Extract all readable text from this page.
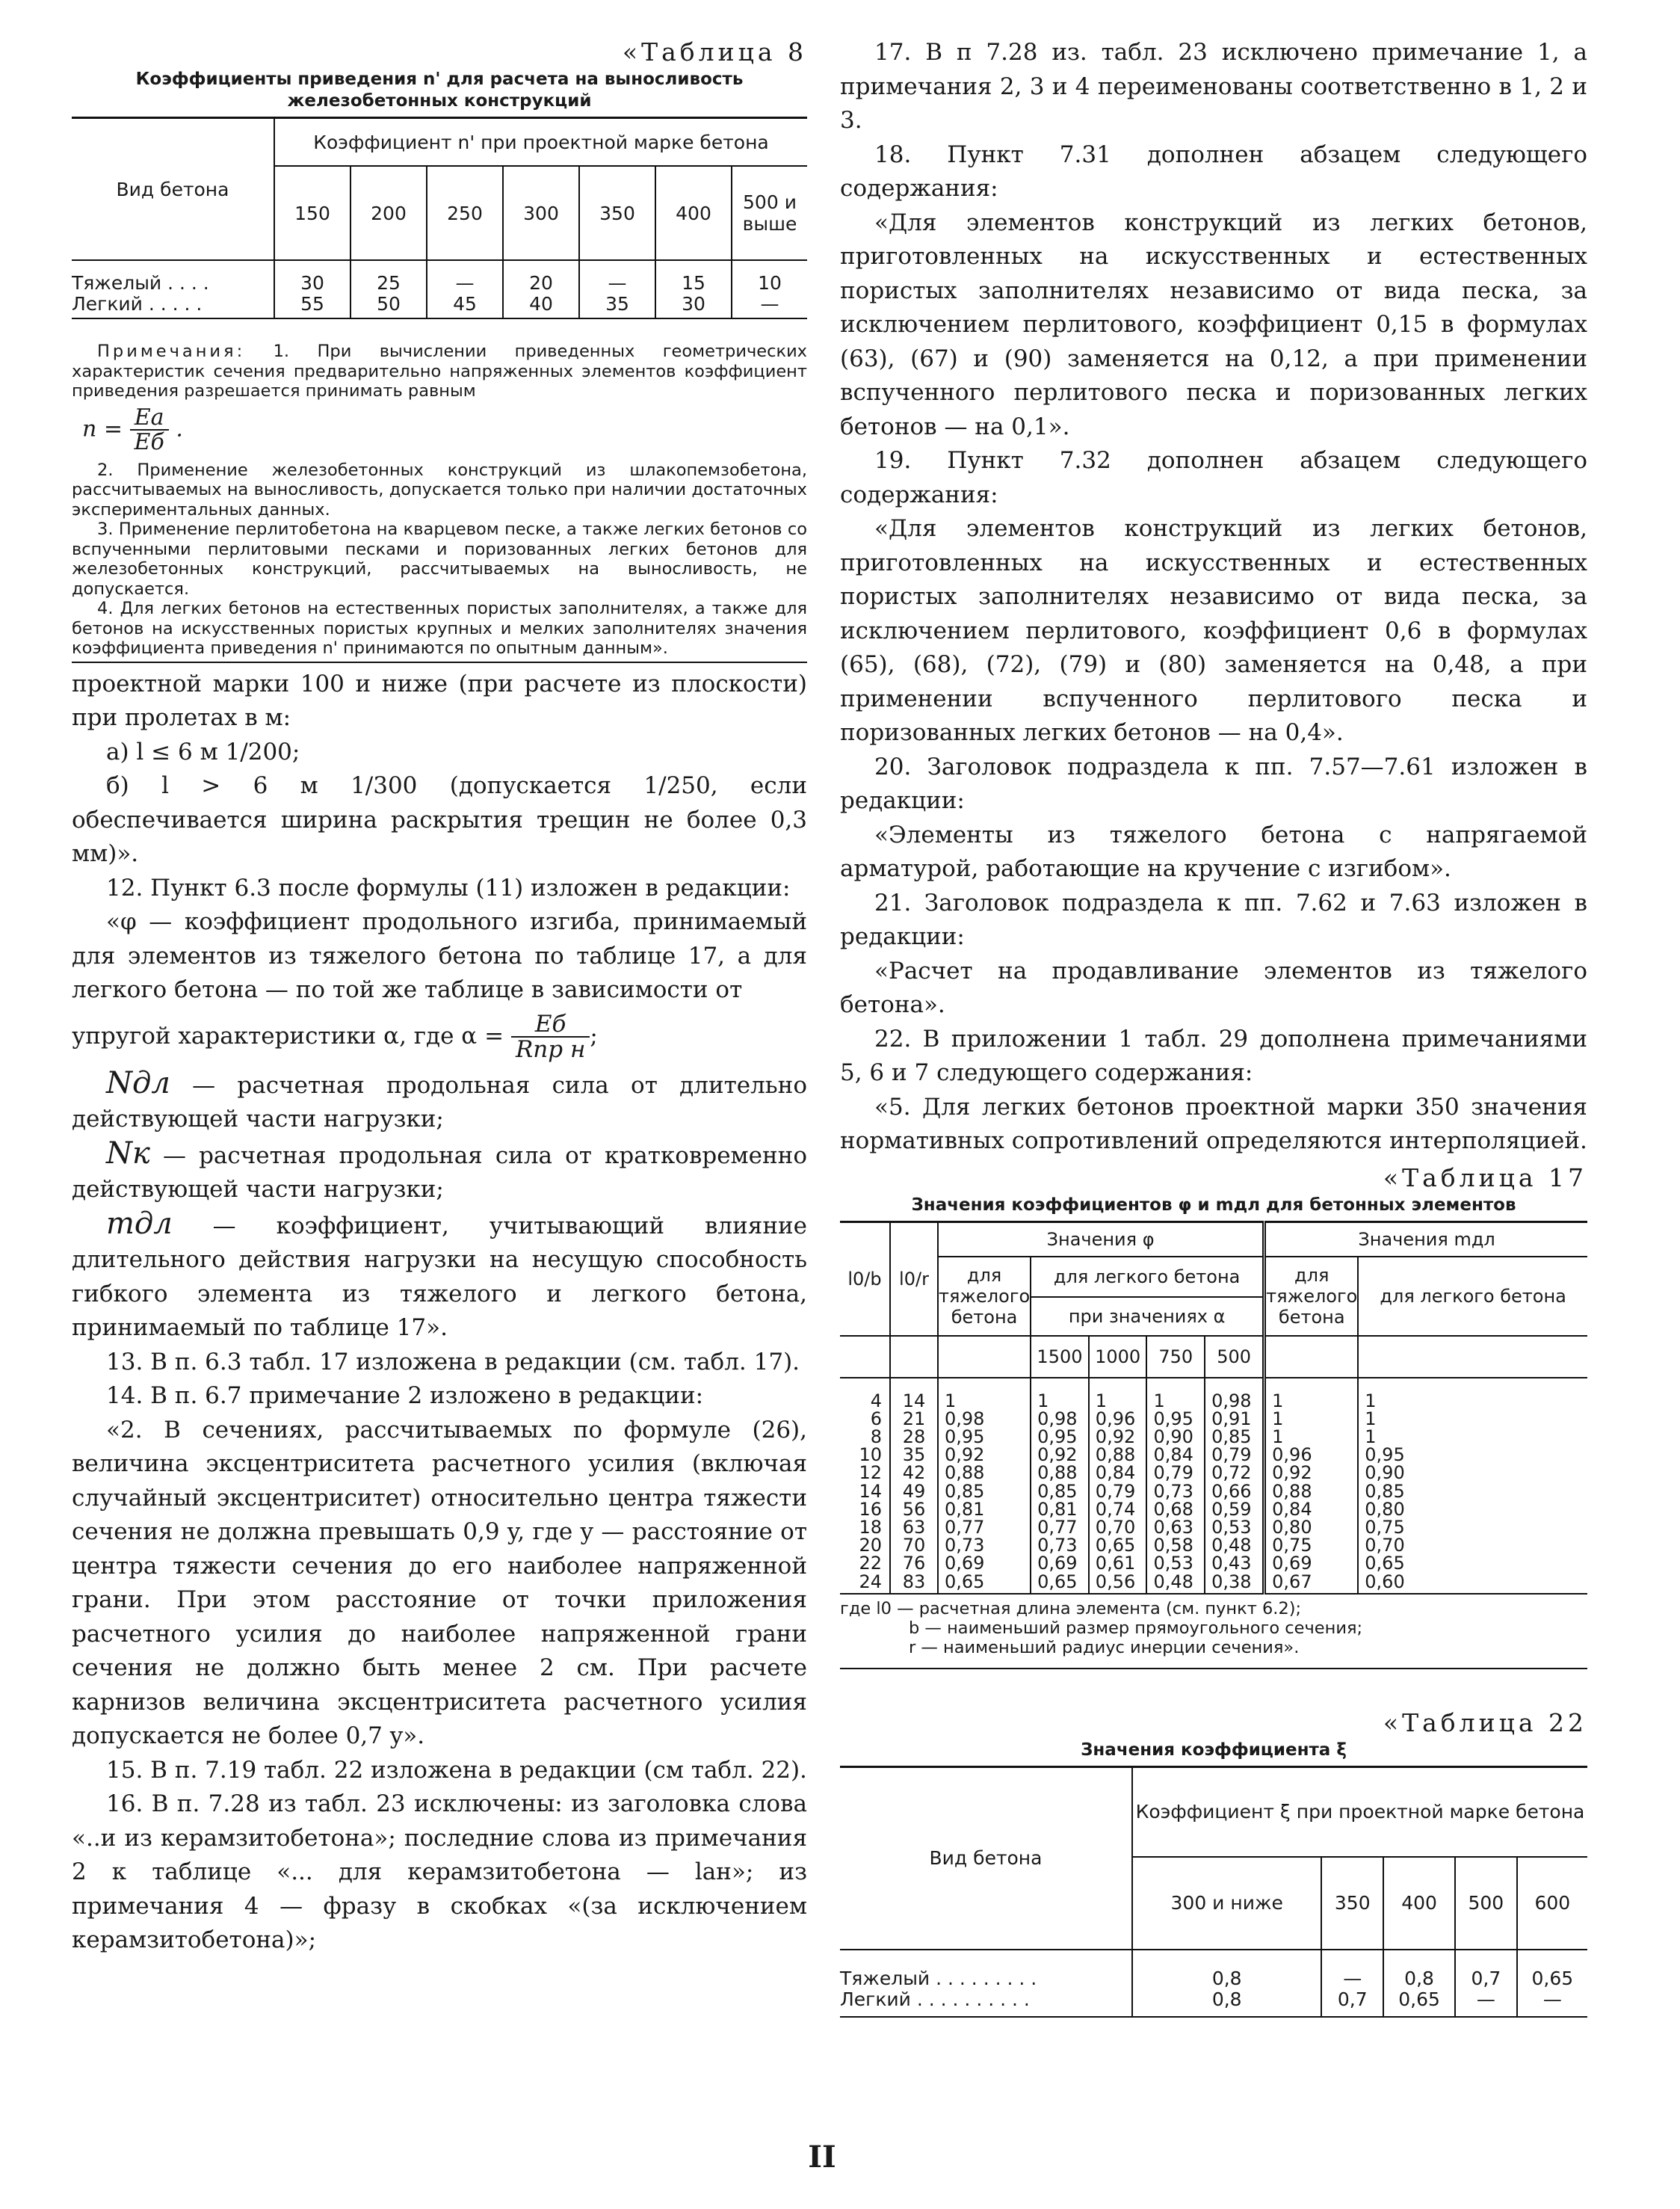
«Таблица 8

Коэффициенты приведения n' для расчета на выносливость
железобетонных конструкций

Вид бетона	Коэффициент n' при проектной марке бетона						
	150	200	250	300	350	400	500 и выше
Тяжелый . . . .	30	25	—	20	—	15	10
Легкий . . . . .	55	50	45	40	35	30	—

Примечания: 1. При вычислении приведенных геометрических характеристик сечения предварительно напряженных элементов коэффициент приведения разрешается принимать равным

$n = \frac{Eа}{Eб}$ .

2. Применение железобетонных конструкций из шлакопемзобетона, рассчитываемых на выносливость, допускается только при наличии достаточных экспериментальных данных.

3. Применение перлитобетона на кварцевом песке, а также легких бетонов со вспученными перлитовыми песками и поризованных легких бетонов для железобетонных конструкций, рассчитываемых на выносливость, не допускается.

4. Для легких бетонов на естественных пористых заполнителях, а также для бетонов на искусственных пористых крупных и мелких заполнителях значения коэффициента приведения n' принимаются по опытным данным».

проектной марки 100 и ниже (при расчете из плоскости) при пролетах в м:

а) l ≤ 6 м 1/200;

б) l > 6 м 1/300 (допускается 1/250, если обеспечивается ширина раскрытия трещин не более 0,3 мм)».

12. Пункт 6.3 после формулы (11) изложен в редакции:

«φ — коэффициент продольного изгиба, принимаемый для элементов из тяжелого бетона по таблице 17, а для легкого бетона — по той же таблице в зависимости от

упругой характеристики α, где $\alpha = \frac{Eб}{\text{Rпр н}}$ ;

Nдл — расчетная продольная сила от длительно действующей части нагрузки;

Nк — расчетная продольная сила от кратковременно действующей части нагрузки;

mдл — коэффициент, учитывающий влияние длительного действия нагрузки на несущую способность гибкого элемента из тяжелого и легкого бетона, принимаемый по таблице 17».

13. В п. 6.3 табл. 17 изложена в редакции (см. табл. 17).

14. В п. 6.7 примечание 2 изложено в редакции:

«2. В сечениях, рассчитываемых по формуле (26), величина эксцентриситета расчетного усилия (включая случайный эксцентриситет) относительно центра тяжести сечения не должна превышать 0,9 y, где y — расстояние от центра тяжести сечения до его наиболее напряженной грани. При этом расстояние от точки приложения расчетного усилия до наиболее напряженной грани сечения не должно быть менее 2 см. При расчете карнизов величина эксцентриситета расчетного усилия допускается не более 0,7 y».

15. В п. 7.19 табл. 22 изложена в редакции (см табл. 22).

16. В п. 7.28 из табл. 23 исключены: из заголовка слова «..и из керамзитобетона»; последние слова из примечания 2 к таблице «... для керамзитобетона — lан»; из примечания 4 — фразу в скобках «(за исключением керамзитобетона)»;

17. В п 7.28 из. табл. 23 исключено примечание 1, а примечания 2, 3 и 4 переименованы соответственно в 1, 2 и 3.

18. Пункт 7.31 дополнен абзацем следующего содержания:

«Для элементов конструкций из легких бетонов, приготовленных на искусственных и естественных пористых заполнителях независимо от вида песка, за исключением перлитового, коэффициент 0,15 в формулах (63), (67) и (90) заменяется на 0,12, а при применении вспученного перлитового песка и поризованных легких бетонов — на 0,1».

19. Пункт 7.32 дополнен абзацем следующего содержания:

«Для элементов конструкций из легких бетонов, приготовленных на искусственных и естественных пористых заполнителях независимо от вида песка, за исключением перлитового, коэффициент 0,6 в формулах (65), (68), (72), (79) и (80) заменяется на 0,48, а при применении вспученного перлитового песка и поризованных легких бетонов — на 0,4».

20. Заголовок подраздела к пп. 7.57—7.61 изложен в редакции:

«Элементы из тяжелого бетона с напрягаемой арматурой, работающие на кручение с изгибом».

21. Заголовок подраздела к пп. 7.62 и 7.63 изложен в редакции:

«Расчет на продавливание элементов из тяжелого бетона».

22. В приложении 1 табл. 29 дополнена примечаниями 5, 6 и 7 следующего содержания:

«5. Для легких бетонов проектной марки 350 значения нормативных сопротивлений определяются интерполяцией.

«Таблица 17

Значения коэффициентов φ и mдл для бетонных элементов

l0/b	l0/r	Значения φ					Значения mдл	
		для тяжелого бетона	для легкого бетона				для тяжелого бетона	для легкого бетона
			при значениях α					
			1500	1000	750	500		
4	14	1	1	1	1	0,98	1	1
6	21	0,98	0,98	0,96	0,95	0,91	1	1
8	28	0,95	0,95	0,92	0,90	0,85	1	1
10	35	0,92	0,92	0,88	0,84	0,79	0,96	0,95
12	42	0,88	0,88	0,84	0,79	0,72	0,92	0,90
14	49	0,85	0,85	0,79	0,73	0,66	0,88	0,85
16	56	0,81	0,81	0,74	0,68	0,59	0,84	0,80
18	63	0,77	0,77	0,70	0,63	0,53	0,80	0,75
20	70	0,73	0,73	0,65	0,58	0,48	0,75	0,70
22	76	0,69	0,69	0,61	0,53	0,43	0,69	0,65
24	83	0,65	0,65	0,56	0,48	0,38	0,67	0,60
где l0 — расчетная длина элемента (см. пункт 6.2);
b — наименьший размер прямоугольного сечения;
r — наименьший радиус инерции сечения».

«Таблица 22

Значения коэффициента ξ

Вид бетона	Коэффициент ξ при проектной марке бетона				
	300 и ниже	350	400	500	600
Тяжелый . . . . . . . . .	0,8	—	0,8	0,7	0,65
Легкий . . . . . . . . . .	0,8	0,7	0,65	—	—
II
